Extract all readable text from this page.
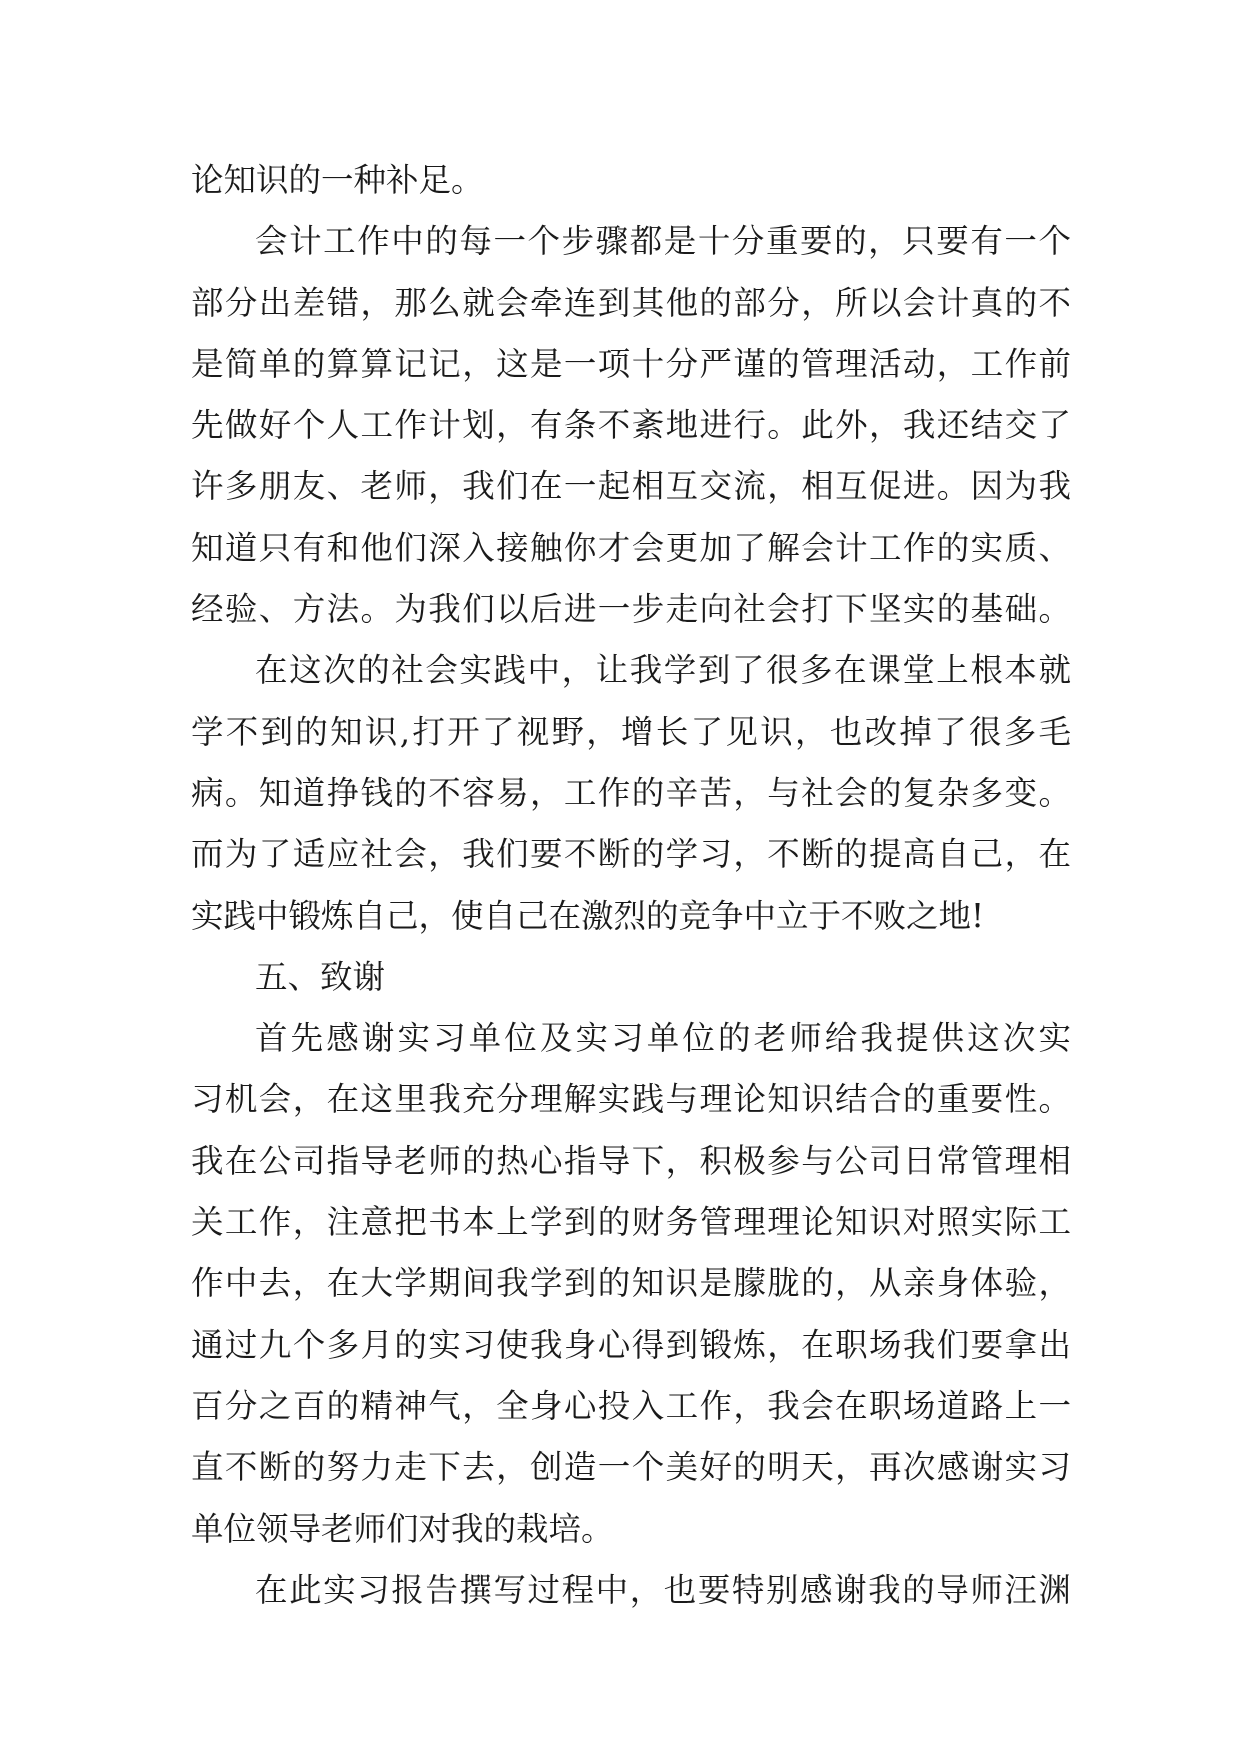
论知识的一种补足。
会计工作中的每一个步骤都是十分重要的，只要有一个
部分出差错，那么就会牵连到其他的部分，所以会计真的不
是简单的算算记记，这是一项十分严谨的管理活动，工作前
先做好个人工作计划，有条不紊地进行。此外，我还结交了
许多朋友、老师，我们在一起相互交流，相互促进。因为我
知道只有和他们深入接触你才会更加了解会计工作的实质、
经验、方法。为我们以后进一步走向社会打下坚实的基础。
在这次的社会实践中，让我学到了很多在课堂上根本就
学不到的知识,打开了视野，增长了见识，也改掉了很多毛
病。知道挣钱的不容易，工作的辛苦，与社会的复杂多变。
而为了适应社会，我们要不断的学习，不断的提高自己，在
实践中锻炼自己，使自己在激烈的竞争中立于不败之地!
五、致谢
首先感谢实习单位及实习单位的老师给我提供这次实
习机会，在这里我充分理解实践与理论知识结合的重要性。
我在公司指导老师的热心指导下，积极参与公司日常管理相
关工作，注意把书本上学到的财务管理理论知识对照实际工
作中去，在大学期间我学到的知识是朦胧的，从亲身体验，
通过九个多月的实习使我身心得到锻炼，在职场我们要拿出
百分之百的精神气，全身心投入工作，我会在职场道路上一
直不断的努力走下去，创造一个美好的明天，再次感谢实习
单位领导老师们对我的栽培。
在此实习报告撰写过程中，也要特别感谢我的导师汪渊
